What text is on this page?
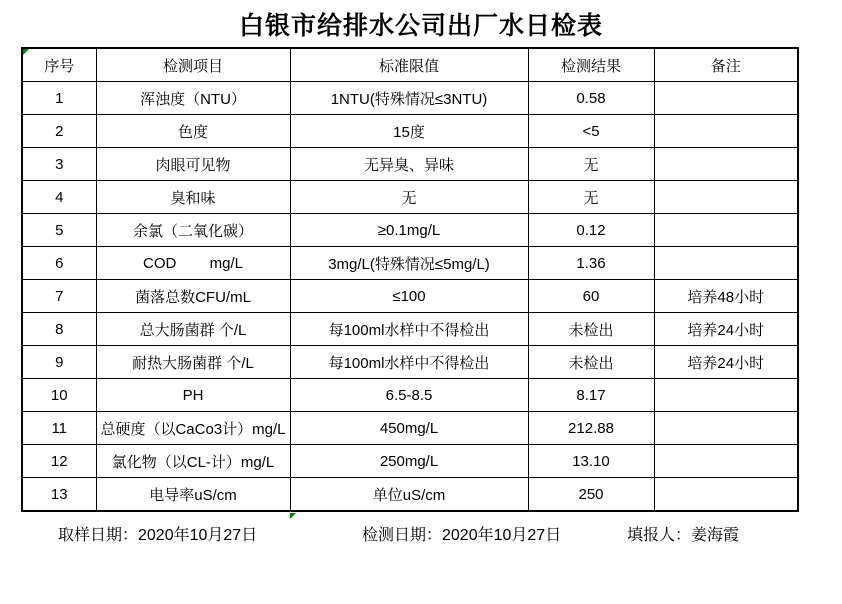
白银市给排水公司出厂水日检表
序号	检测项目	标准限值	检测结果	备注
1	浑浊度（NTU）	1NTU(特殊情况≤3NTU)	0.58	
2	色度	15度	<5	
3	肉眼可见物	无异臭、异味	无	
4	臭和味	无	无	
5	余氯（二氧化碳）	≥0.1mg/L	0.12	
6	COD        mg/L	3mg/L(特殊情况≤5mg/L)	1.36	
7	菌落总数CFU/mL	≤100	60	培养48小时
8	总大肠菌群 个/L	每100ml水样中不得检出	未检出	培养24小时
9	耐热大肠菌群 个/L	每100ml水样中不得检出	未检出	培养24小时
10	PH	6.5-8.5	8.17	
11	总硬度（以CaCo3计）mg/L	450mg/L	212.88	
12	氯化物（以CL-计）mg/L	250mg/L	13.10	
13	电导率uS/cm	单位uS/cm	250	
取样日期：2020年10月27日	检测日期：2020年10月27日	填报人：姜海霞
